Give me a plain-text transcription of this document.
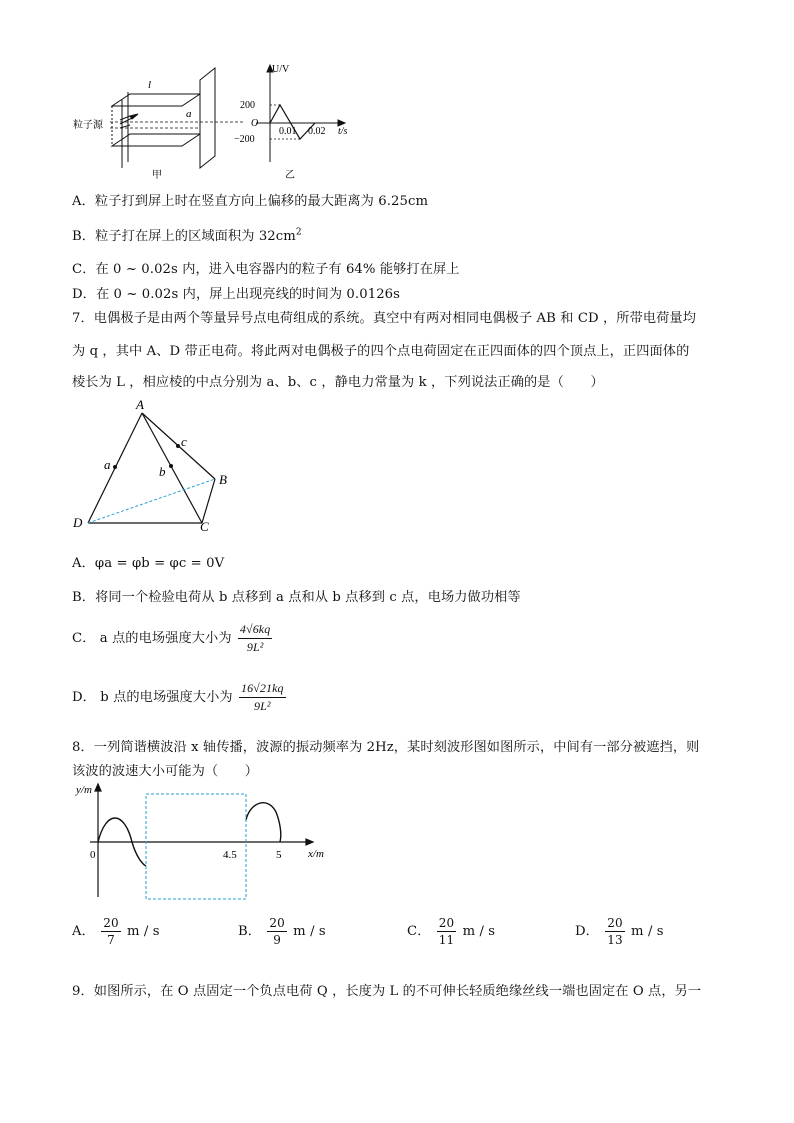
l
a
粒子源
甲
U/V
O
200
−200
0.01 0.02 t/s
乙
A．粒子打到屏上时在竖直方向上偏移的最大距离为 6.25cm
B．粒子打在屏上的区域面积为 $32cm^2$
C．在 0 ~ 0.02s 内，进入电容器内的粒子有 64% 能够打在屏上
D．在 0 ~ 0.02s 内，屏上出现亮线的时间为 0.0126s
7．电偶极子是由两个等量异号点电荷组成的系统。真空中有两对相同电偶极子 AB 和 CD ，所带电荷量均
为 q ，其中 A、D 带正电荷。将此两对电偶极子的四个点电荷固定在正四面体的四个顶点上，正四面体的
棱长为 L ，相应棱的中点分别为 a、b、c ，静电力常量为 k ，下列说法正确的是（　　）
A
B
C
D
a	b
c
A．φa = φb = φc = 0V
B．将同一个检验电荷从 b 点移到 a 点和从 b 点移到 c 点，电场力做功相等
C． a 点的电场强度大小为 $\frac{4√6kq}{\text{9L²}}$
D． b 点的电场强度大小为 $\frac{16√21kq}{\text{9L²}}$
8．一列简谐横波沿 x 轴传播，波源的振动频率为 2Hz，某时刻波形图如图所示，中间有一部分被遮挡，则
该波的波速大小可能为（　　）
y/m
x/m
0	4.5	5
A． $\frac{20}{7}$ m / s	B． $\frac{20}{9}$ m / s	C． $\frac{20}{11}$ m / s	D． $\frac{20}{13}$ m / s
9．如图所示，在 O 点固定一个负点电荷 Q ，长度为 L 的不可伸长轻质绝缘丝线一端也固定在 O 点，另一
